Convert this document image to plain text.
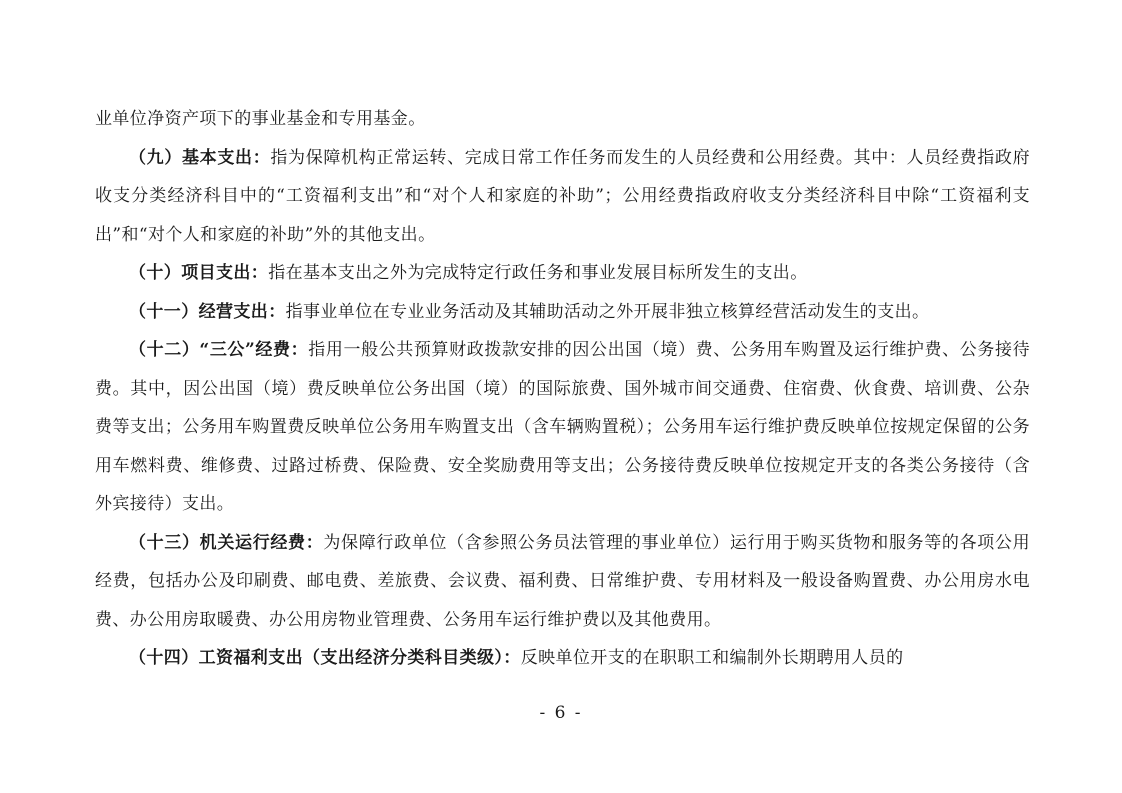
业单位净资产项下的事业基金和专用基金。

（九）基本支出：指为保障机构正常运转、完成日常工作任务而发生的人员经费和公用经费。其中：人员经费指政府收支分类经济科目中的“工资福利支出”和“对个人和家庭的补助”；公用经费指政府收支分类经济科目中除“工资福利支出”和“对个人和家庭的补助”外的其他支出。

（十）项目支出：指在基本支出之外为完成特定行政任务和事业发展目标所发生的支出。

（十一）经营支出：指事业单位在专业业务活动及其辅助活动之外开展非独立核算经营活动发生的支出。

（十二）“三公”经费：指用一般公共预算财政拨款安排的因公出国（境）费、公务用车购置及运行维护费、公务接待费。其中，因公出国（境）费反映单位公务出国（境）的国际旅费、国外城市间交通费、住宿费、伙食费、培训费、公杂费等支出；公务用车购置费反映单位公务用车购置支出（含车辆购置税）；公务用车运行维护费反映单位按规定保留的公务用车燃料费、维修费、过路过桥费、保险费、安全奖励费用等支出；公务接待费反映单位按规定开支的各类公务接待（含外宾接待）支出。

（十三）机关运行经费：为保障行政单位（含参照公务员法管理的事业单位）运行用于购买货物和服务等的各项公用经费，包括办公及印刷费、邮电费、差旅费、会议费、福利费、日常维护费、专用材料及一般设备购置费、办公用房水电费、办公用房取暖费、办公用房物业管理费、公务用车运行维护费以及其他费用。

（十四）工资福利支出（支出经济分类科目类级）：反映单位开支的在职职工和编制外长期聘用人员的

- 6 -
